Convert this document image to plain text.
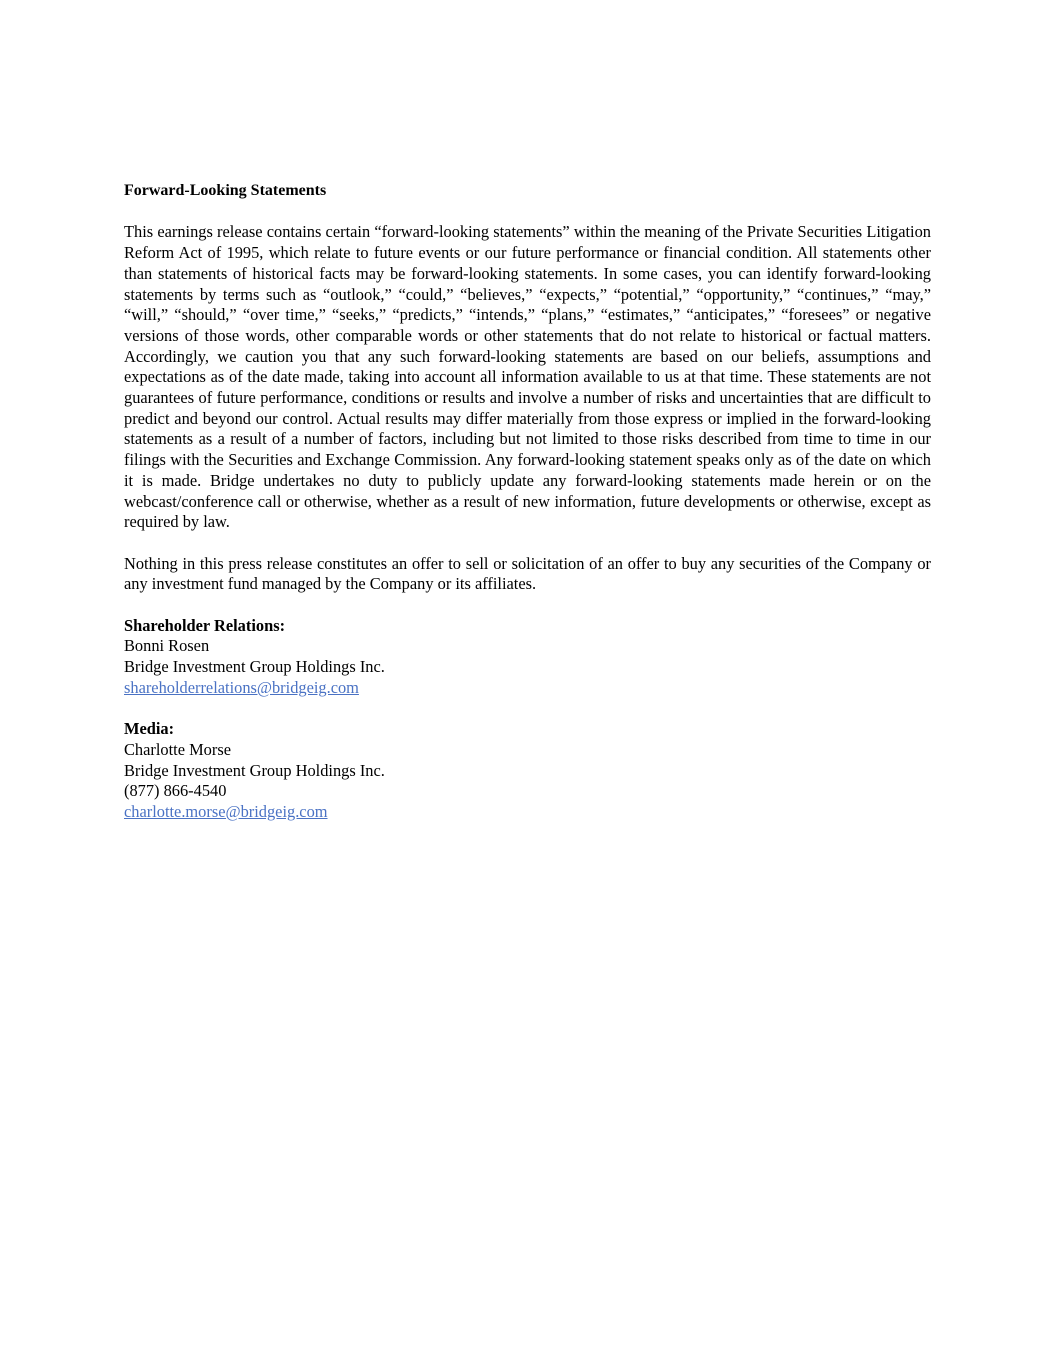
Forward-Looking Statements

This earnings release contains certain “forward-looking statements” within the meaning of the Private Securities Litigation Reform Act of 1995, which relate to future events or our future performance or financial condition. All statements other than statements of historical facts may be forward-looking statements. In some cases, you can identify forward-looking statements by terms such as “outlook,” “could,” “believes,” “expects,” “potential,” “opportunity,” “continues,” “may,” “will,” “should,” “over time,” “seeks,” “predicts,” “intends,” “plans,” “estimates,” “anticipates,” “foresees” or negative versions of those words, other comparable words or other statements that do not relate to historical or factual matters. Accordingly, we caution you that any such forward-looking statements are based on our beliefs, assumptions and expectations as of the date made, taking into account all information available to us at that time. These statements are not guarantees of future performance, conditions or results and involve a number of risks and uncertainties that are difficult to predict and beyond our control. Actual results may differ materially from those express or implied in the forward-looking statements as a result of a number of factors, including but not limited to those risks described from time to time in our filings with the Securities and Exchange Commission. Any forward-looking statement speaks only as of the date on which it is made. Bridge undertakes no duty to publicly update any forward-looking statements made herein or on the webcast/conference call or otherwise, whether as a result of new information, future developments or otherwise, except as required by law.

Nothing in this press release constitutes an offer to sell or solicitation of an offer to buy any securities of the Company or any investment fund managed by the Company or its affiliates.

Shareholder Relations:

Bonni Rosen

Bridge Investment Group Holdings Inc.

shareholderrelations@bridgeig.com

Media:

Charlotte Morse

Bridge Investment Group Holdings Inc.

(877) 866-4540

charlotte.morse@bridgeig.com
